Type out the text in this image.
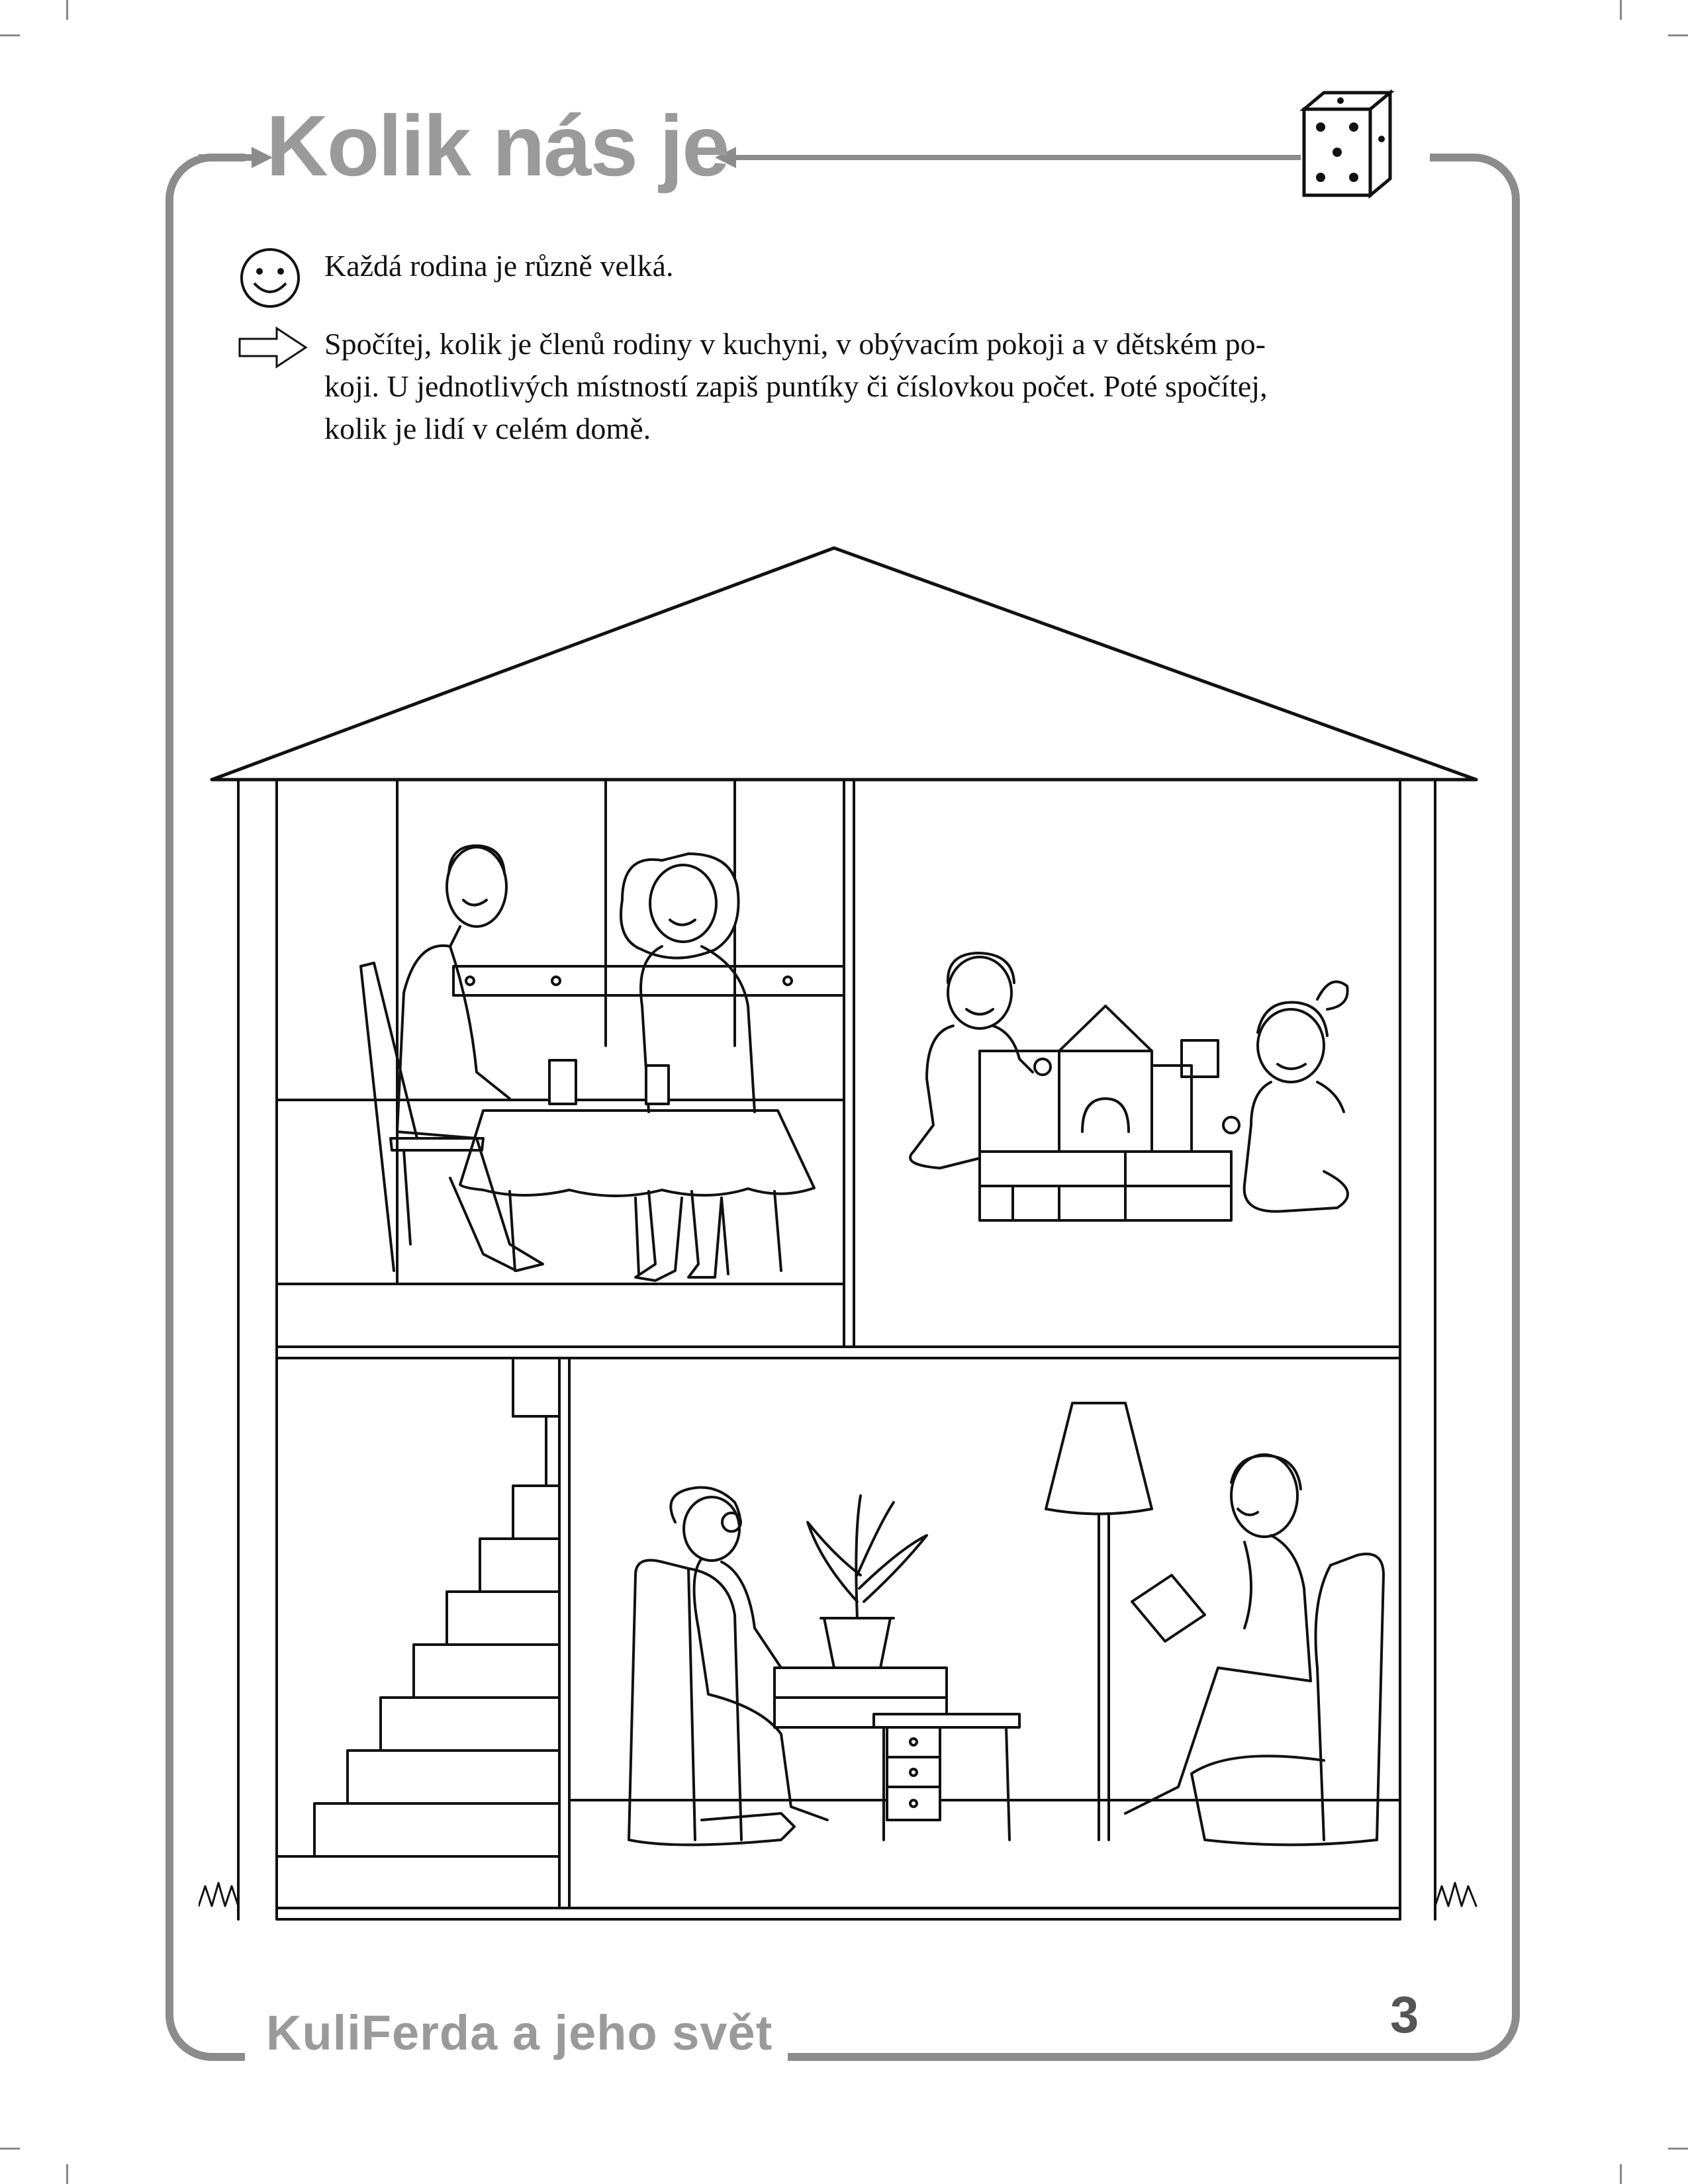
Kolik nás je
Každá rodina je různě velká.
Spočítej, kolik je členů rodiny v kuchyni, v obývacím pokoji a v dětském po-
koji. U jednotlivých místností zapiš puntíky či číslovkou počet. Poté spočítej,
kolik je lidí v celém domě.
KuliFerda a jeho svět	3
